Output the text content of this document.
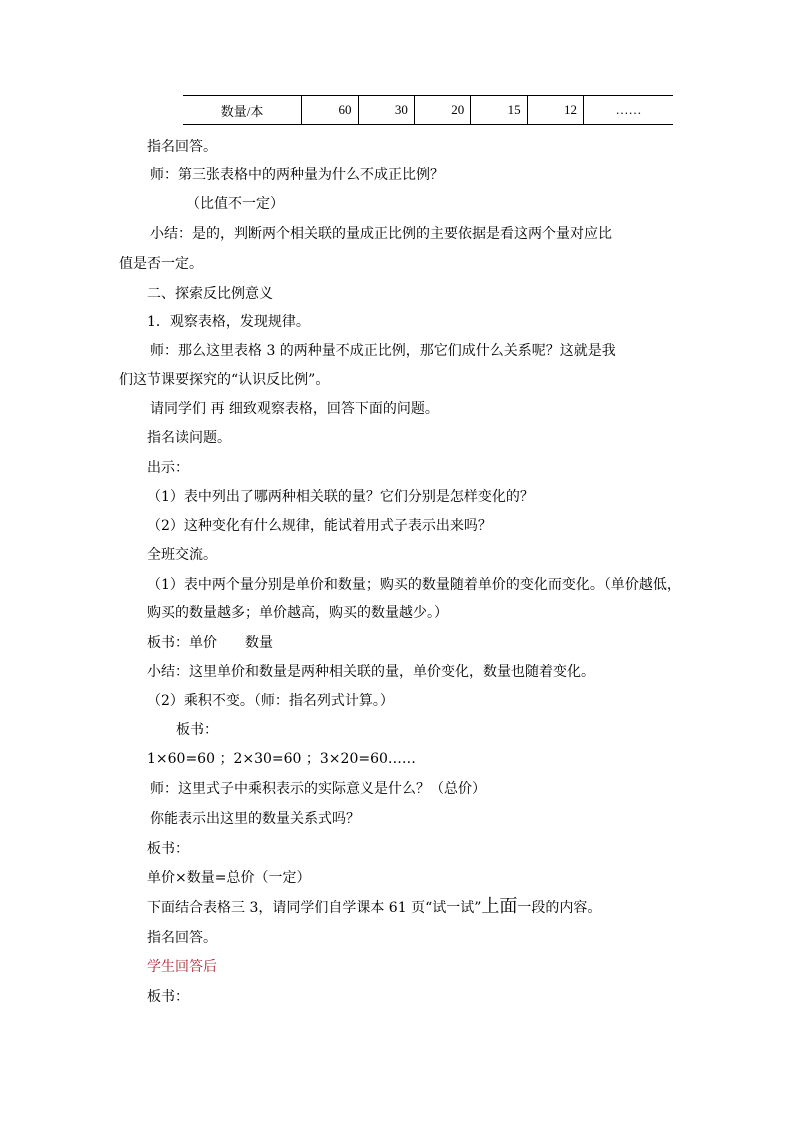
数量/本	60	30	20	15	12	……
指名回答。
师：第三张表格中的两种量为什么不成正比例？
（比值不一定）
小结：是的，判断两个相关联的量成正比例的主要依据是看这两个量对应比
值是否一定。
二、探索反比例意义
1．观察表格，发现规律。
师：那么这里表格 3 的两种量不成正比例，那它们成什么关系呢？这就是我
们这节课要探究的“认识反比例”。
请同学们 再 细致观察表格，回答下面的问题。
指名读问题。
出示：
（1）表中列出了哪两种相关联的量？它们分别是怎样变化的？
（2）这种变化有什么规律，能试着用式子表示出来吗？
全班交流。
（1）表中两个量分别是单价和数量；购买的数量随着单价的变化而变化。（单价越低，
购买的数量越多；单价越高，购买的数量越少。）
板书：单价　　数量
小结：这里单价和数量是两种相关联的量，单价变化，数量也随着变化。
（2）乘积不变。（师：指名列式计算。）
板书：
1×60=60 ；2×30=60 ；3×20=60……
师：这里式子中乘积表示的实际意义是什么？（总价）
你能表示出这里的数量关系式吗？
板书：
单价×数量=总价（一定）
下面结合表格三 3，请同学们自学课本 61 页“试一试”上面一段的内容。
指名回答。
学生回答后
板书：
